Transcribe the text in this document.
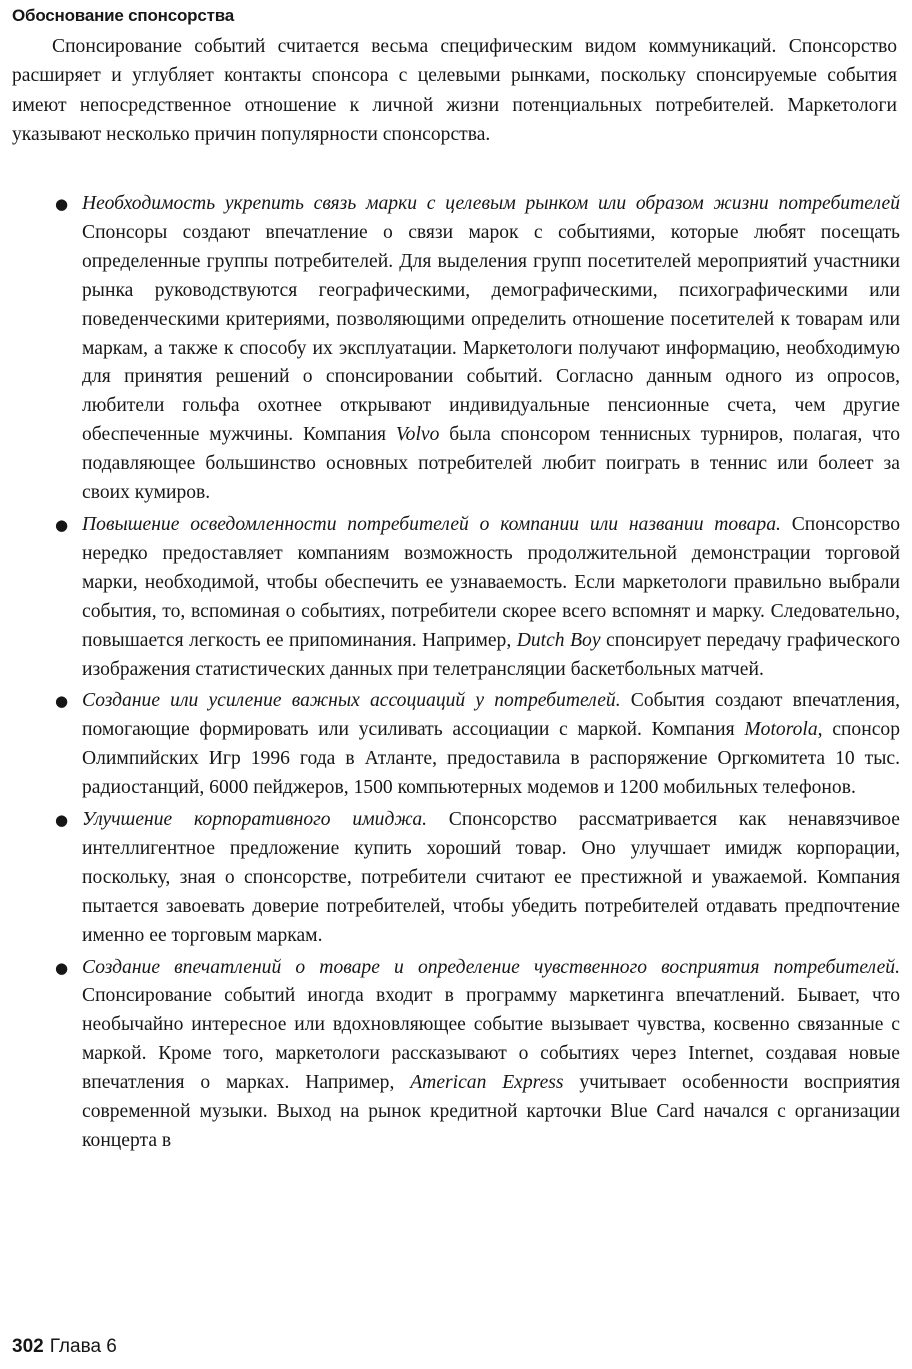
Обоснование спонсорства

Спонсирование событий считается весьма специфическим видом коммуникаций. Спонсорство расширяет и углубляет контакты спонсора с целевыми рынками, поскольку спонсируемые события имеют непосредственное отношение к личной жизни потенциальных потребителей. Маркетологи указывают несколько причин популярности спонсорства.

● Необходимость укрепить связь марки с целевым рынком или образом жизни потребителей Спонсоры создают впечатление о связи марок с событиями, которые любят посещать определенные группы потребителей. Для выделения групп посетителей мероприятий участники рынка руководствуются географическими, демографическими, психографическими или поведенческими критериями, позволяющими определить отношение посетителей к товарам или маркам, а также к способу их эксплуатации. Маркетологи получают информацию, необходимую для принятия решений о спонсировании событий. Согласно данным одного из опросов, любители гольфа охотнее открывают индивидуальные пенсионные счета, чем другие обеспеченные мужчины. Компания Volvo была спонсором теннисных турниров, полагая, что подавляющее большинство основных потребителей любит поиграть в теннис или болеет за своих кумиров.
● Повышение осведомленности потребителей о компании или названии товара. Спонсорство нередко предоставляет компаниям возможность продолжительной демонстрации торговой марки, необходимой, чтобы обеспечить ее узнаваемость. Если маркетологи правильно выбрали события, то, вспоминая о событиях, потребители скорее всего вспомнят и марку. Следовательно, повышается легкость ее припоминания. Например, Dutch Boy спонсирует передачу графического изображения статистических данных при телетрансляции баскетбольных матчей.
● Создание или усиление важных ассоциаций у потребителей. События создают впечатления, помогающие формировать или усиливать ассоциации с маркой. Компания Motorola, спонсор Олимпийских Игр 1996 года в Атланте, предоставила в распоряжение Оргкомитета 10 тыс. радиостанций, 6000 пейджеров, 1500 компьютерных модемов и 1200 мобильных телефонов.
● Улучшение корпоративного имиджа. Спонсорство рассматривается как ненавязчивое интеллигентное предложение купить хороший товар. Оно улучшает имидж корпорации, поскольку, зная о спонсорстве, потребители считают ее престижной и уважаемой. Компания пытается завоевать доверие потребителей, чтобы убедить потребителей отдавать предпочтение именно ее торговым маркам.
● Создание впечатлений о товаре и определение чувственного восприятия потребителей. Спонсирование событий иногда входит в программу маркетинга впечатлений. Бывает, что необычайно интересное или вдохновляющее событие вызывает чувства, косвенно связанные с маркой. Кроме того, маркетологи рассказывают о событиях через Internet, создавая новые впечатления о марках. Например, American Express учитывает особенности восприятия современной музыки. Выход на рынок кредитной карточки Blue Card начался с организации концерта в

302 Глава 6
